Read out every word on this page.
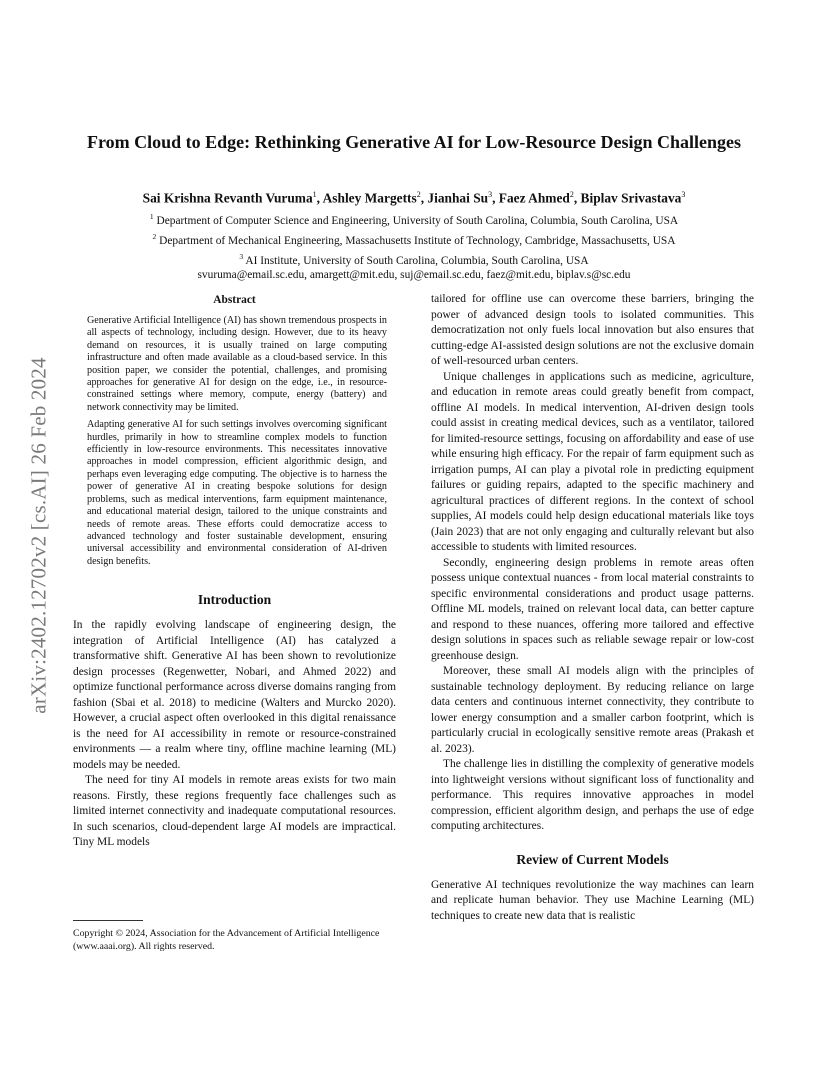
arXiv:2402.12702v2 [cs.AI] 26 Feb 2024
From Cloud to Edge: Rethinking Generative AI for Low-Resource Design Challenges
Sai Krishna Revanth Vuruma$^1$, Ashley Margetts$^2$, Jianhai Su$^3$, Faez Ahmed$^2$, Biplav Srivastava$^3$
$^1$ Department of Computer Science and Engineering, University of South Carolina, Columbia, South Carolina, USA
$^2$ Department of Mechanical Engineering, Massachusetts Institute of Technology, Cambridge, Massachusetts, USA
$^3$ AI Institute, University of South Carolina, Columbia, South Carolina, USA
svuruma@email.sc.edu, amargett@mit.edu, suj@email.sc.edu, faez@mit.edu, biplav.s@sc.edu
Abstract

Generative Artificial Intelligence (AI) has shown tremendous prospects in all aspects of technology, including design. However, due to its heavy demand on resources, it is usually trained on large computing infrastructure and often made available as a cloud-based service. In this position paper, we consider the potential, challenges, and promising approaches for generative AI for design on the edge, i.e., in resource-constrained settings where memory, compute, energy (battery) and network connectivity may be limited.

Adapting generative AI for such settings involves overcoming significant hurdles, primarily in how to streamline complex models to function efficiently in low-resource environments. This necessitates innovative approaches in model compression, efficient algorithmic design, and perhaps even leveraging edge computing. The objective is to harness the power of generative AI in creating bespoke solutions for design problems, such as medical interventions, farm equipment maintenance, and educational material design, tailored to the unique constraints and needs of remote areas. These efforts could democratize access to advanced technology and foster sustainable development, ensuring universal accessibility and environmental consideration of AI-driven design benefits.

Introduction

In the rapidly evolving landscape of engineering design, the integration of Artificial Intelligence (AI) has catalyzed a transformative shift. Generative AI has been shown to revolutionize design processes (Regenwetter, Nobari, and Ahmed 2022) and optimize functional performance across diverse domains ranging from fashion (Sbai et al. 2018) to medicine (Walters and Murcko 2020). However, a crucial aspect often overlooked in this digital renaissance is the need for AI accessibility in remote or resource-constrained environments — a realm where tiny, offline machine learning (ML) models may be needed.

The need for tiny AI models in remote areas exists for two main reasons. Firstly, these regions frequently face challenges such as limited internet connectivity and inadequate computational resources. In such scenarios, cloud-dependent large AI models are impractical. Tiny ML models

tailored for offline use can overcome these barriers, bringing the power of advanced design tools to isolated communities. This democratization not only fuels local innovation but also ensures that cutting-edge AI-assisted design solutions are not the exclusive domain of well-resourced urban centers.

Unique challenges in applications such as medicine, agriculture, and education in remote areas could greatly benefit from compact, offline AI models. In medical intervention, AI-driven design tools could assist in creating medical devices, such as a ventilator, tailored for limited-resource settings, focusing on affordability and ease of use while ensuring high efficacy. For the repair of farm equipment such as irrigation pumps, AI can play a pivotal role in predicting equipment failures or guiding repairs, adapted to the specific machinery and agricultural practices of different regions. In the context of school supplies, AI models could help design educational materials like toys (Jain 2023) that are not only engaging and culturally relevant but also accessible to students with limited resources.

Secondly, engineering design problems in remote areas often possess unique contextual nuances - from local material constraints to specific environmental considerations and product usage patterns. Offline ML models, trained on relevant local data, can better capture and respond to these nuances, offering more tailored and effective design solutions in spaces such as reliable sewage repair or low-cost greenhouse design.

Moreover, these small AI models align with the principles of sustainable technology deployment. By reducing reliance on large data centers and continuous internet connectivity, they contribute to lower energy consumption and a smaller carbon footprint, which is particularly crucial in ecologically sensitive remote areas (Prakash et al. 2023).

The challenge lies in distilling the complexity of generative models into lightweight versions without significant loss of functionality and performance. This requires innovative approaches in model compression, efficient algorithm design, and perhaps the use of edge computing architectures.

Review of Current Models

Generative AI techniques revolutionize the way machines can learn and replicate human behavior. They use Machine Learning (ML) techniques to create new data that is realistic

Copyright © 2024, Association for the Advancement of Artificial Intelligence (www.aaai.org). All rights reserved.
